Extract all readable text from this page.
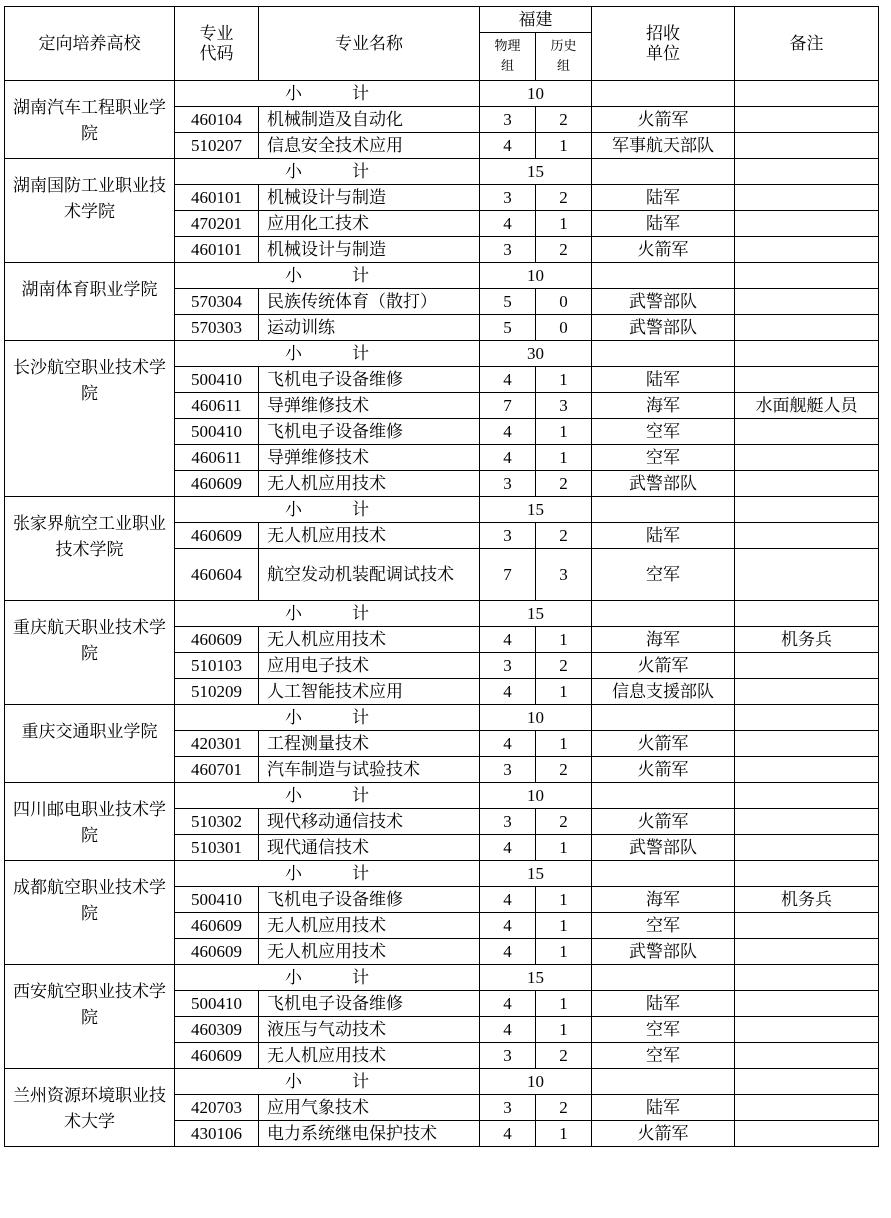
定向培养高校	专业代码	专业名称	福建		招收单位	备注
			物理组	历史组		
湖南汽车工程职业学院	小 计		10			
	460104	机械制造及自动化	3	2	火箭军	
	510207	信息安全技术应用	4	1	军事航天部队	
湖南国防工业职业技术学院	小 计		15			
	460101	机械设计与制造	3	2	陆军	
	470201	应用化工技术	4	1	陆军	
	460101	机械设计与制造	3	2	火箭军	
湖南体育职业学院	小 计		10			
	570304	民族传统体育（散打）	5	0	武警部队	
	570303	运动训练	5	0	武警部队	
长沙航空职业技术学院	小 计		30			
	500410	飞机电子设备维修	4	1	陆军	
	460611	导弹维修技术	7	3	海军	水面舰艇人员
	500410	飞机电子设备维修	4	1	空军	
	460611	导弹维修技术	4	1	空军	
	460609	无人机应用技术	3	2	武警部队	
张家界航空工业职业技术学院	小 计		15			
	460609	无人机应用技术	3	2	陆军	
	460604	航空发动机装配调试技术	7	3	空军	
重庆航天职业技术学院	小 计		15			
	460609	无人机应用技术	4	1	海军	机务兵
	510103	应用电子技术	3	2	火箭军	
	510209	人工智能技术应用	4	1	信息支援部队	
重庆交通职业学院	小 计		10			
	420301	工程测量技术	4	1	火箭军	
	460701	汽车制造与试验技术	3	2	火箭军	
四川邮电职业技术学院	小 计		10			
	510302	现代移动通信技术	3	2	火箭军	
	510301	现代通信技术	4	1	武警部队	
成都航空职业技术学院	小 计		15			
	500410	飞机电子设备维修	4	1	海军	机务兵
	460609	无人机应用技术	4	1	空军	
	460609	无人机应用技术	4	1	武警部队	
西安航空职业技术学院	小 计		15			
	500410	飞机电子设备维修	4	1	陆军	
	460309	液压与气动技术	4	1	空军	
	460609	无人机应用技术	3	2	空军	
兰州资源环境职业技术大学	小 计		10			
	420703	应用气象技术	3	2	陆军	
	430106	电力系统继电保护技术	4	1	火箭军	
